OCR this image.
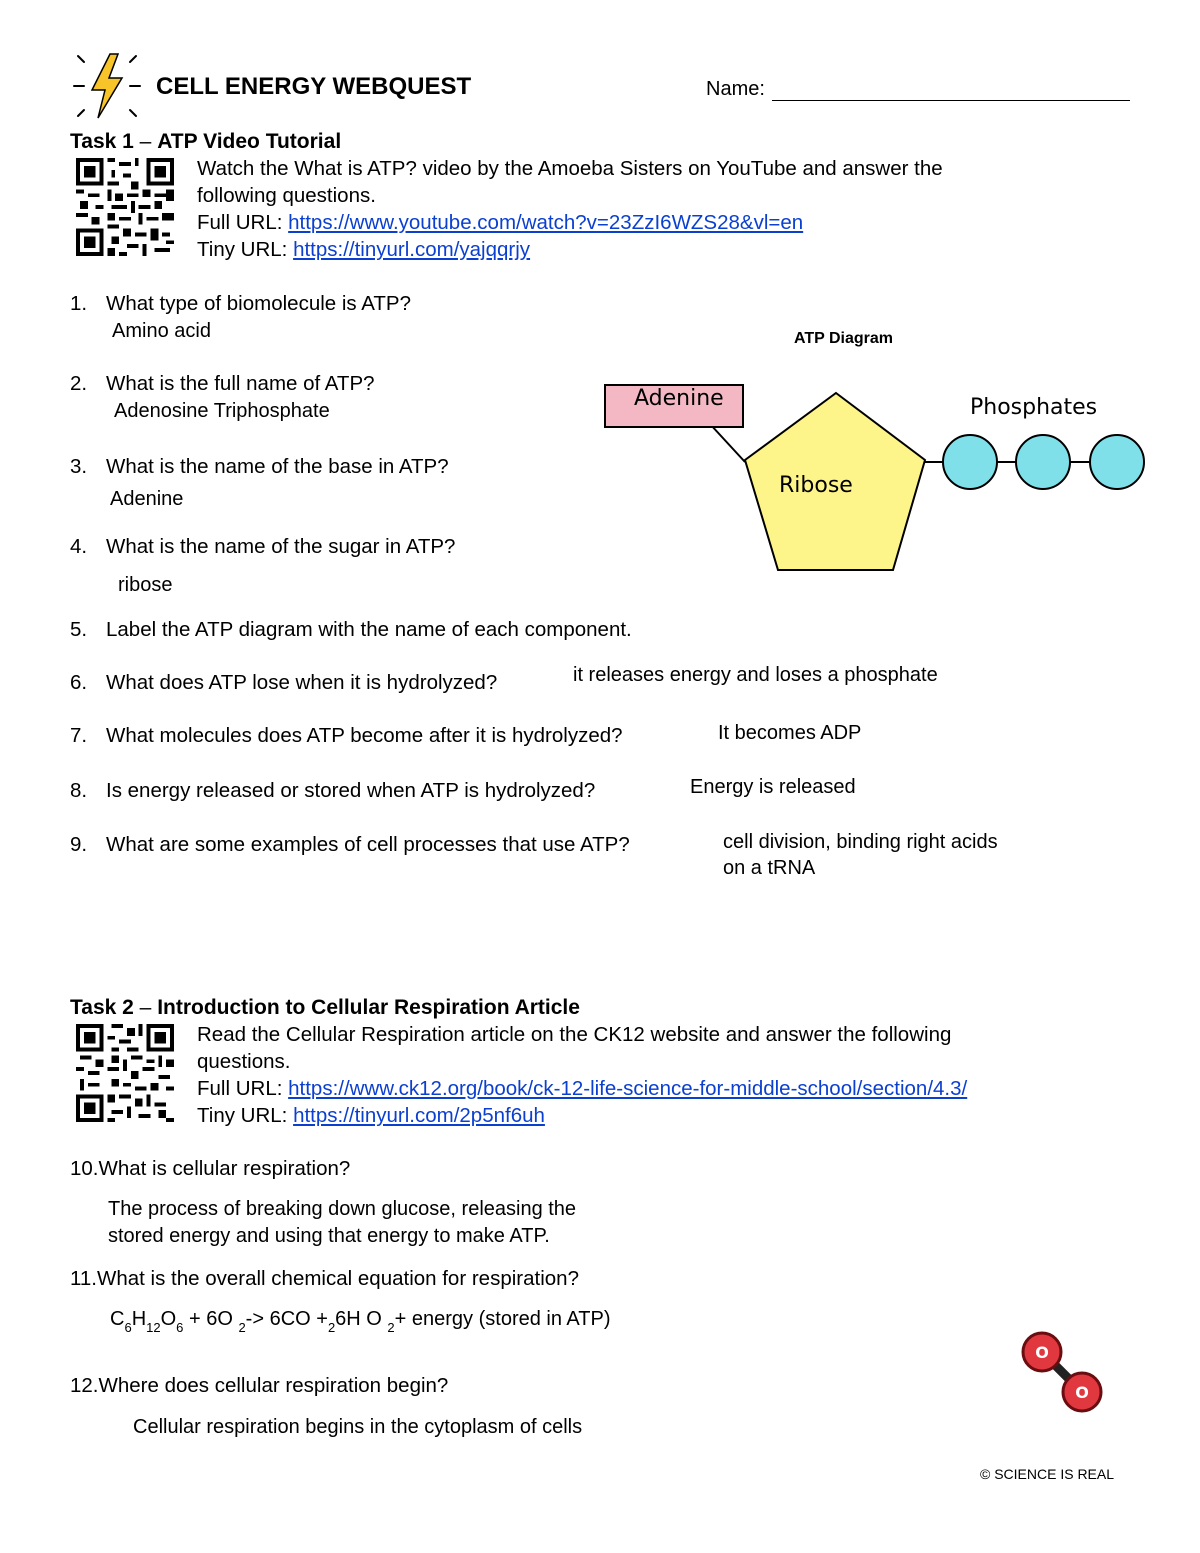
CELL ENERGY WEBQUEST	Name:
Task 1 – ATP Video Tutorial
Watch the What is ATP? video by the Amoeba Sisters on YouTube and answer the
following questions.
Full URL: https://www.youtube.com/watch?v=23ZzI6WZS28&vl=en
Tiny URL: https://tinyurl.com/yajqqrjy
1. What type of biomolecule is ATP?
Amino acid
2. What is the full name of ATP?
Adenosine Triphosphate
3. What is the name of the base in ATP?
Adenine
4. What is the name of the sugar in ATP?
ribose
5. Label the ATP diagram with the name of each component.
6. What does ATP lose when it is hydrolyzed?	it releases energy and loses a phosphate
7. What molecules does ATP become after it is hydrolyzed?	It becomes ADP
8. Is energy released or stored when ATP is hydrolyzed?	Energy is released
9. What are some examples of cell processes that use ATP?	cell division, binding right acids
on a tRNA
ATP Diagram
Adenine
Ribose
Phosphates
Task 2 – Introduction to Cellular Respiration Article
Read the Cellular Respiration article on the CK12 website and answer the following
questions.
Full URL: https://www.ck12.org/book/ck-12-life-science-for-middle-school/section/4.3/
Tiny URL: https://tinyurl.com/2p5nf6uh
10.What is cellular respiration?
The process of breaking down glucose, releasing the
stored energy and using that energy to make ATP.
11.What is the overall chemical equation for respiration?
$C_6H_{12}O_6 + 6O$ $_2-> 6CO +_26H$ O $_2$+ energy (stored in ATP)
12.Where does cellular respiration begin?
Cellular respiration begins in the cytoplasm of cells
O
O
© SCIENCE IS REAL
